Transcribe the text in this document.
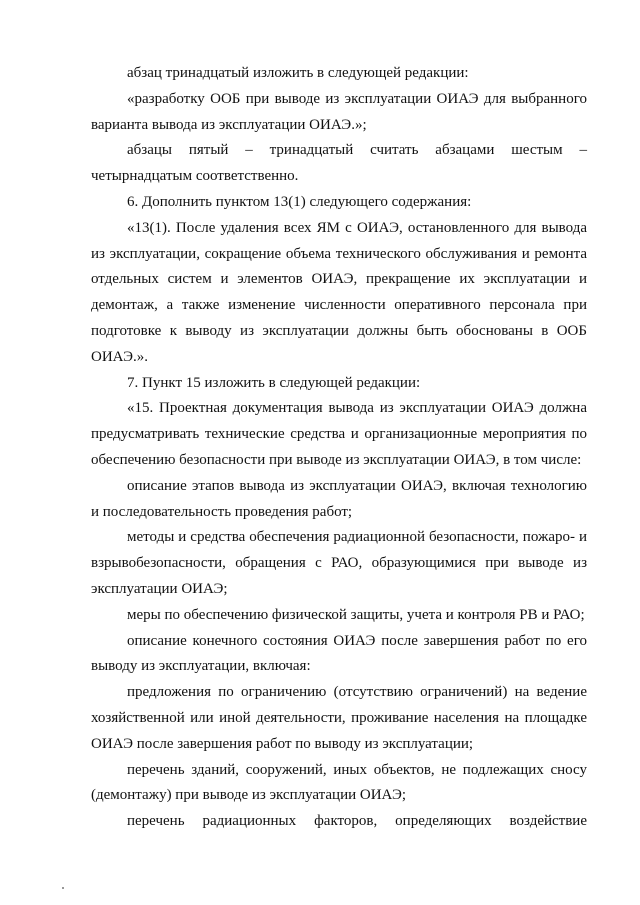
абзац тринадцатый изложить в следующей редакции:

«разработку ООБ при выводе из эксплуатации ОИАЭ для выбранного варианта вывода из эксплуатации ОИАЭ.»;

абзацы пятый – тринадцатый считать абзацами шестым – четырнадцатым соответственно.

6. Дополнить пунктом 13(1) следующего содержания:

«13(1). После удаления всех ЯМ с ОИАЭ, остановленного для вывода из эксплуатации, сокращение объема технического обслуживания и ремонта отдельных систем и элементов ОИАЭ, прекращение их эксплуатации и демонтаж, а также изменение численности оперативного персонала при подготовке к выводу из эксплуатации должны быть обоснованы в ООБ ОИАЭ.».

7. Пункт 15 изложить в следующей редакции:

«15. Проектная документация вывода из эксплуатации ОИАЭ должна предусматривать технические средства и организационные мероприятия по обеспечению безопасности при выводе из эксплуатации ОИАЭ, в том числе:

описание этапов вывода из эксплуатации ОИАЭ, включая технологию и последовательность проведения работ;

методы и средства обеспечения радиационной безопасности, пожаро- и взрывобезопасности, обращения с РАО, образующимися при выводе из эксплуатации ОИАЭ;

меры по обеспечению физической защиты, учета и контроля РВ и РАО;

описание конечного состояния ОИАЭ после завершения работ по его выводу из эксплуатации, включая:

предложения по ограничению (отсутствию ограничений) на ведение хозяйственной или иной деятельности, проживание населения на площадке ОИАЭ после завершения работ по выводу из эксплуатации;

перечень зданий, сооружений, иных объектов, не подлежащих сносу (демонтажу) при выводе из эксплуатации ОИАЭ;

перечень радиационных факторов, определяющих воздействие
